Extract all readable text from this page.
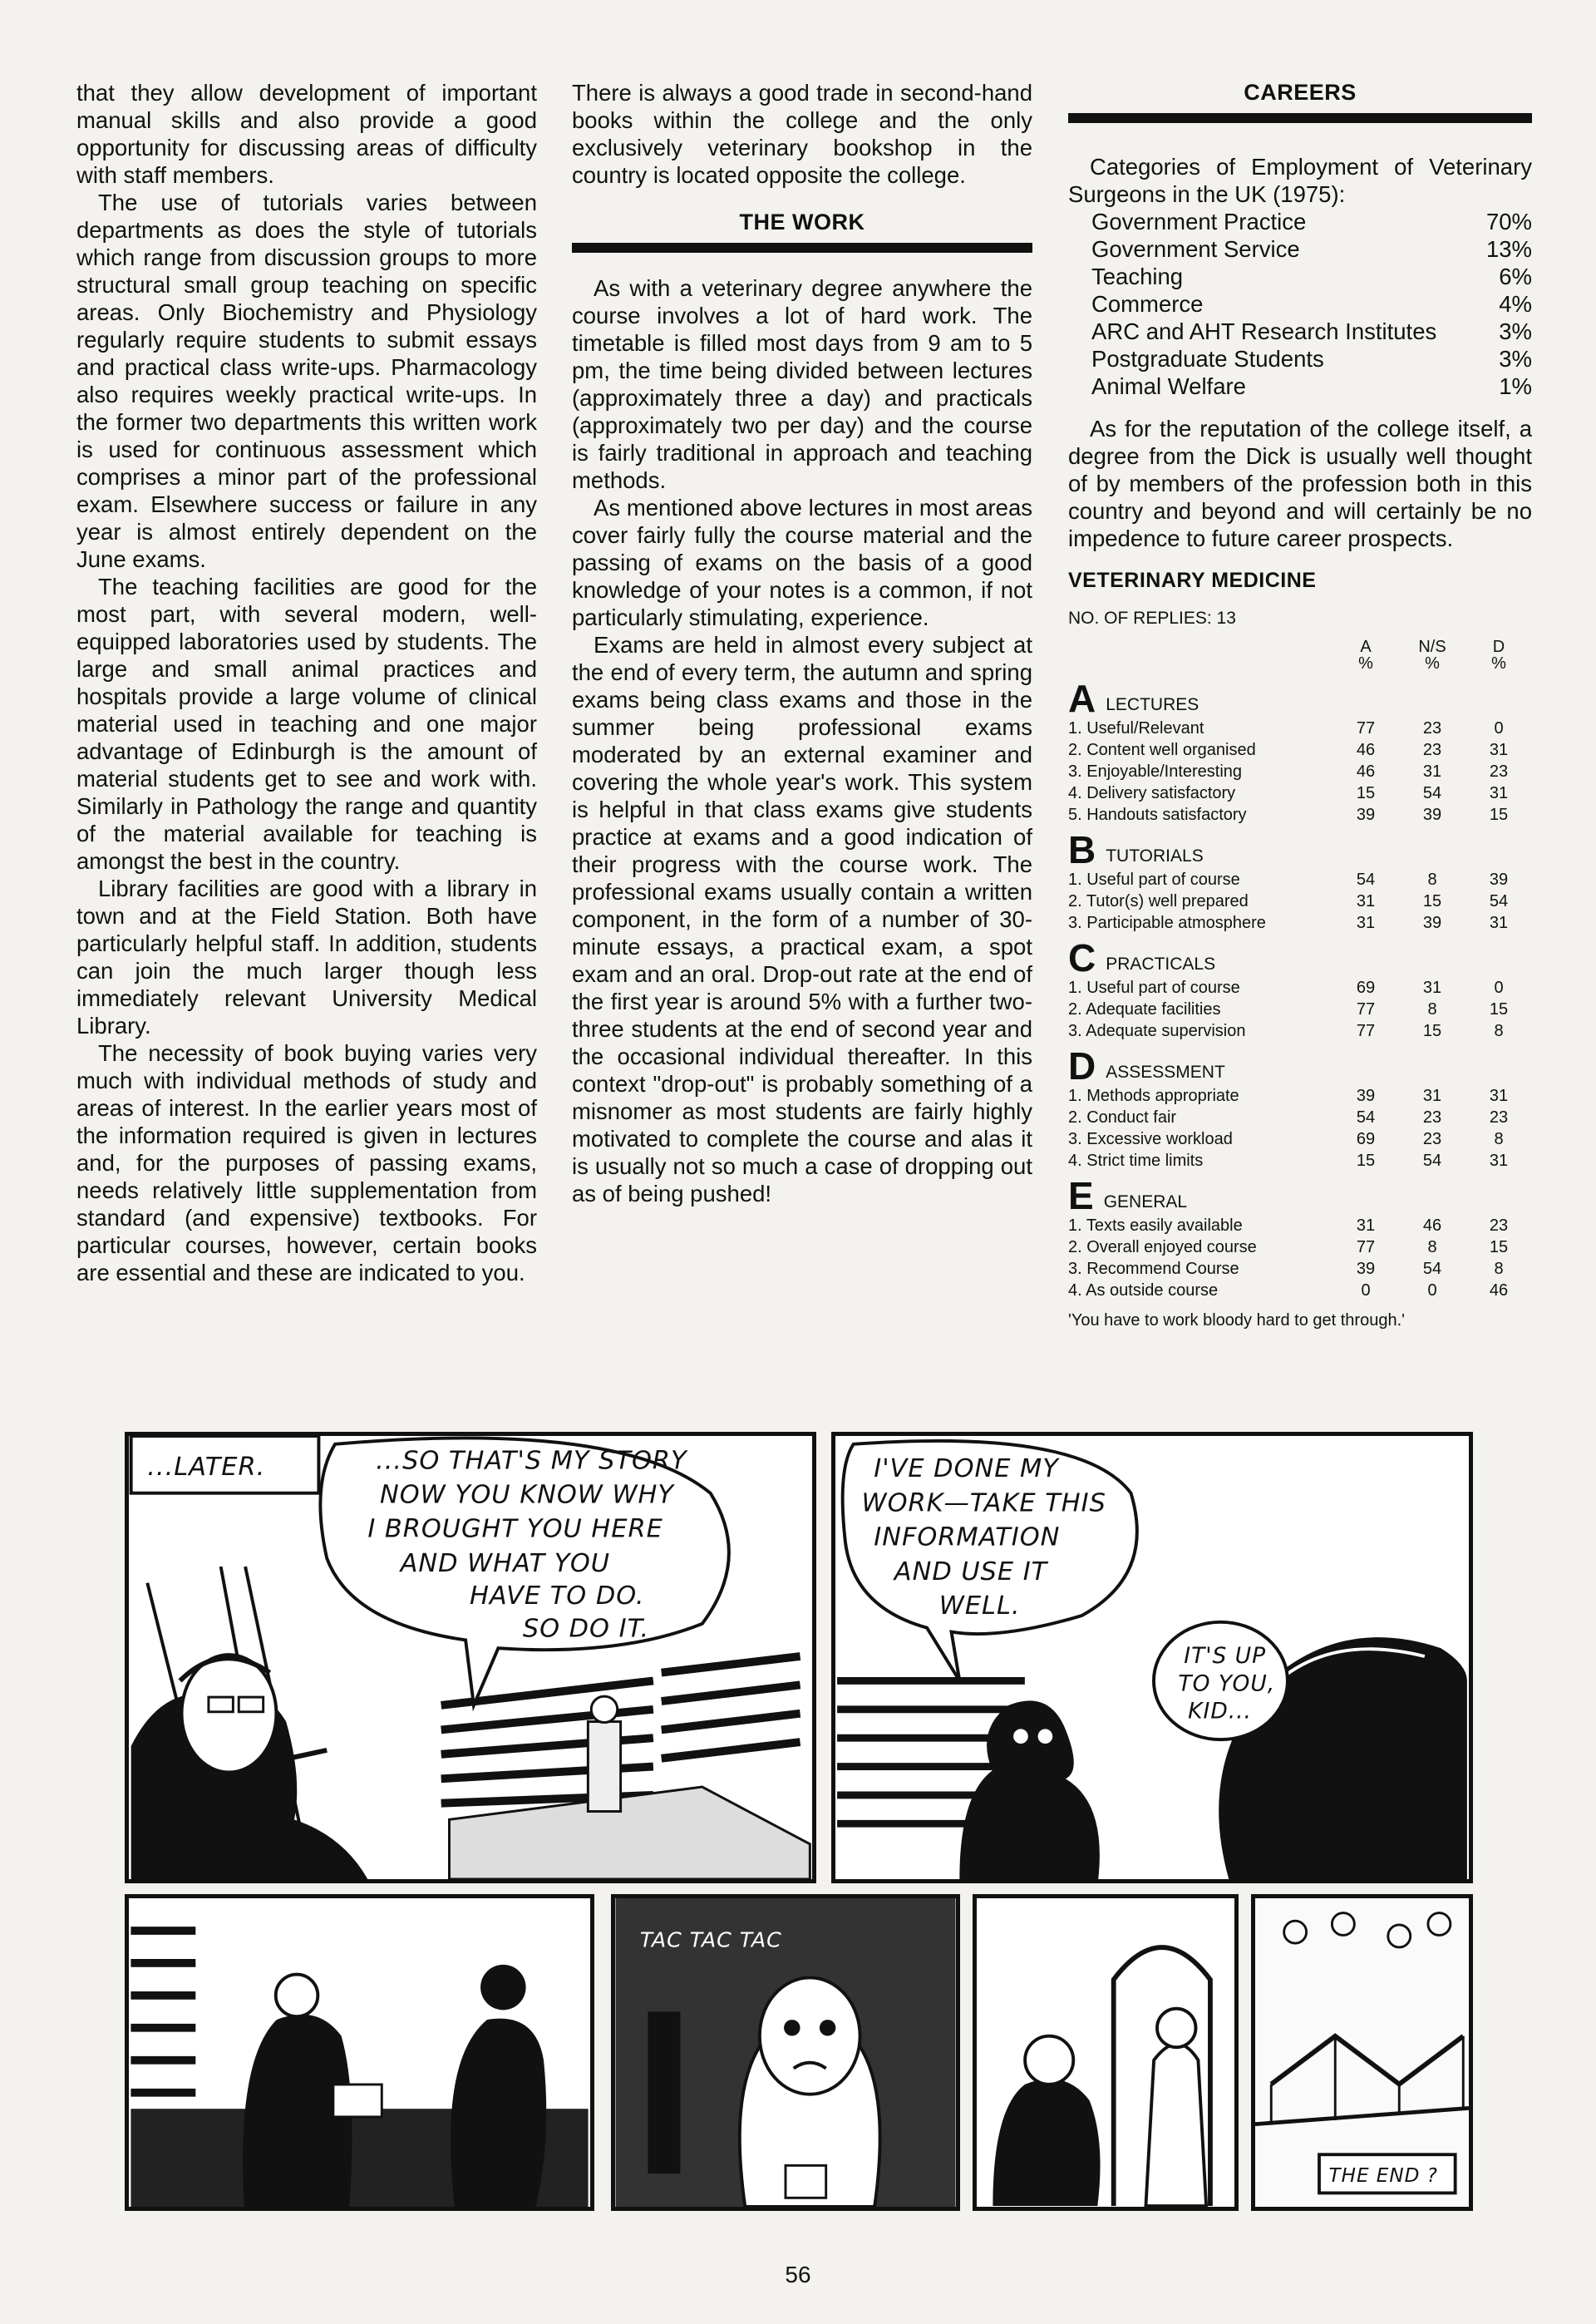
that they allow development of important manual skills and also provide a good opportunity for discussing areas of difficulty with staff members.

The use of tutorials varies between departments as does the style of tutorials which range from discussion groups to more structural small group teaching on specific areas. Only Biochemistry and Physiology regularly require students to submit essays and practical class write-ups. Pharmacology also requires weekly practical write-ups. In the former two departments this written work is used for continuous assessment which comprises a minor part of the professional exam. Elsewhere success or failure in any year is almost entirely dependent on the June exams.

The teaching facilities are good for the most part, with several modern, well-equipped laboratories used by students. The large and small animal practices and hospitals provide a large volume of clinical material used in teaching and one major advantage of Edinburgh is the amount of material students get to see and work with. Similarly in Pathology the range and quantity of the material available for teaching is amongst the best in the country.

Library facilities are good with a library in town and at the Field Station. Both have particularly helpful staff. In addition, students can join the much larger though less immediately relevant University Medical Library.

The necessity of book buying varies very much with individual methods of study and areas of interest. In the earlier years most of the information required is given in lectures and, for the purposes of passing exams, needs relatively little supplementation from standard (and expensive) textbooks. For particular courses, however, certain books are essential and these are indicated to you.

There is always a good trade in second-hand books within the college and the only exclusively veterinary bookshop in the country is located opposite the college.

THE WORK

As with a veterinary degree anywhere the course involves a lot of hard work. The timetable is filled most days from 9 am to 5 pm, the time being divided between lectures (approximately three a day) and practicals (approximately two per day) and the course is fairly traditional in approach and teaching methods.

As mentioned above lectures in most areas cover fairly fully the course material and the passing of exams on the basis of a good knowledge of your notes is a common, if not particularly stimulating, experience.

Exams are held in almost every subject at the end of every term, the autumn and spring exams being class exams and those in the summer being professional exams moderated by an external examiner and covering the whole year's work. This system is helpful in that class exams give students practice at exams and a good indication of their progress with the course work. The professional exams usually contain a written component, in the form of a number of 30-minute essays, a practical exam, a spot exam and an oral. Drop-out rate at the end of the first year is around 5% with a further two-three students at the end of second year and the occasional individual thereafter. In this context "drop-out" is probably something of a misnomer as most students are fairly highly motivated to complete the course and alas it is usually not so much a case of dropping out as of being pushed!

CAREERS

Categories of Employment of Veterinary Surgeons in the UK (1975):

Government Practice	70%
Government Service	13%
Teaching	6%
Commerce	4%
ARC and AHT Research Institutes	3%
Postgraduate Students	3%
Animal Welfare	1%

As for the reputation of the college itself, a degree from the Dick is usually well thought of by members of the profession both in this country and beyond and will certainly be no impedence to future career prospects.

VETERINARY MEDICINE
NO. OF REPLIES: 13
A	N/S	D
%	%	%
A LECTURES
1. Useful/Relevant	77	23	0
2. Content well organised	46	23	31
3. Enjoyable/Interesting	46	31	23
4. Delivery satisfactory	15	54	31
5. Handouts satisfactory	39	39	15
B TUTORIALS
1. Useful part of course	54	8	39
2. Tutor(s) well prepared	31	15	54
3. Participable atmosphere	31	39	31
C PRACTICALS
1. Useful part of course	69	31	0
2. Adequate facilities	77	8	15
3. Adequate supervision	77	15	8
D ASSESSMENT
1. Methods appropriate	39	31	31
2. Conduct fair	54	23	23
3. Excessive workload	69	23	8
4. Strict time limits	15	54	31
E GENERAL
1. Texts easily available	31	46	23
2. Overall enjoyed course	77	8	15
3. Recommend Course	39	54	8
4. As outside course	0	0	46
'You have to work bloody hard to get through.'
...LATER.	...SO THAT'S MY STORY
NOW YOU KNOW WHY
I BROUGHT YOU HERE
AND WHAT YOU
HAVE TO DO.
SO DO IT.
I'VE DONE MY
WORK—TAKE THIS
INFORMATION
AND USE IT
WELL.
IT'S UP
TO YOU,
KID...
TAC TAC TAC
THE END ?
56
